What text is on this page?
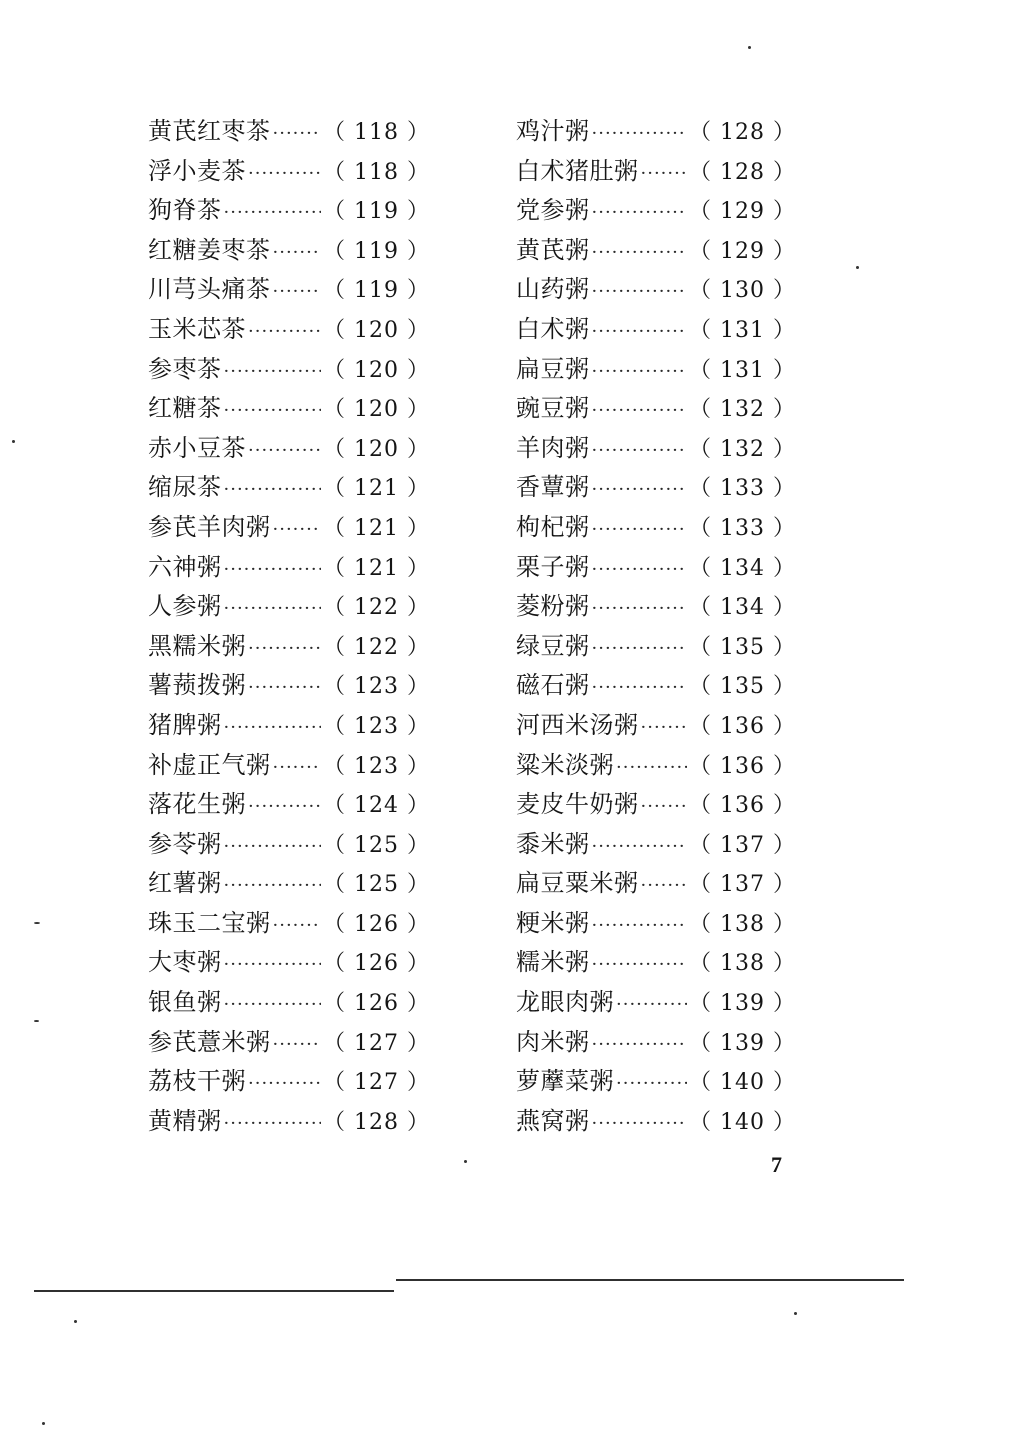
黄芪红枣茶 ····· （ 118 ）
浮小麦茶 ·····	（ 118 ）
狗脊茶 ·····	（ 119 ）
红糖姜枣茶 ····· （ 119 ）
川芎头痛茶 ····· （ 119 ）
玉米芯茶 ·····	（ 120 ）
参枣茶 ·····	（ 120 ）
红糖茶 ·····	（ 120 ）
赤小豆茶 ·····	（ 120 ）
缩尿茶 ·····	（ 121 ）
参芪羊肉粥 ····· （ 121 ）
六神粥 ·····	（ 121 ）
人参粥 ·····	（ 122 ）
黑糯米粥 ·····	（ 122 ）
薯蓣拨粥 ·····	（ 123 ）
猪脾粥 ·····	（ 123 ）
补虚正气粥 ····· （ 123 ）
落花生粥 ·····	（ 124 ）
参苓粥 ·····	（ 125 ）
红薯粥 ·····	（ 125 ）
珠玉二宝粥 ····· （ 126 ）
大枣粥 ·····	（ 126 ）
银鱼粥 ·····	（ 126 ）
参芪薏米粥 ····· （ 127 ）
荔枝干粥 ·····	（ 127 ）
黄精粥 ·····	（ 128 ）
鸡汁粥 ·····	（ 128 ）
白术猪肚粥 ····· （ 128 ）
党参粥 ·····	（ 129 ）
黄芪粥 ·····	（ 129 ）
山药粥 ·····	（ 130 ）
白术粥 ·····	（ 131 ）
扁豆粥 ·····	（ 131 ）
豌豆粥 ·····	（ 132 ）
羊肉粥 ·····	（ 132 ）
香蕈粥 ·····	（ 133 ）
枸杞粥 ·····	（ 133 ）
栗子粥 ·····	（ 134 ）
菱粉粥 ·····	（ 134 ）
绿豆粥 ·····	（ 135 ）
磁石粥 ·····	（ 135 ）
河西米汤粥 ····· （ 136 ）
粱米淡粥 ·····	（ 136 ）
麦皮牛奶粥 ····· （ 136 ）
黍米粥 ·····	（ 137 ）
扁豆粟米粥 ····· （ 137 ）
粳米粥 ·····	（ 138 ）
糯米粥 ·····	（ 138 ）
龙眼肉粥 ·····	（ 139 ）
肉米粥 ·····	（ 139 ）
萝藦菜粥 ·····	（ 140 ）
燕窝粥 ·····	（ 140 ）
7
